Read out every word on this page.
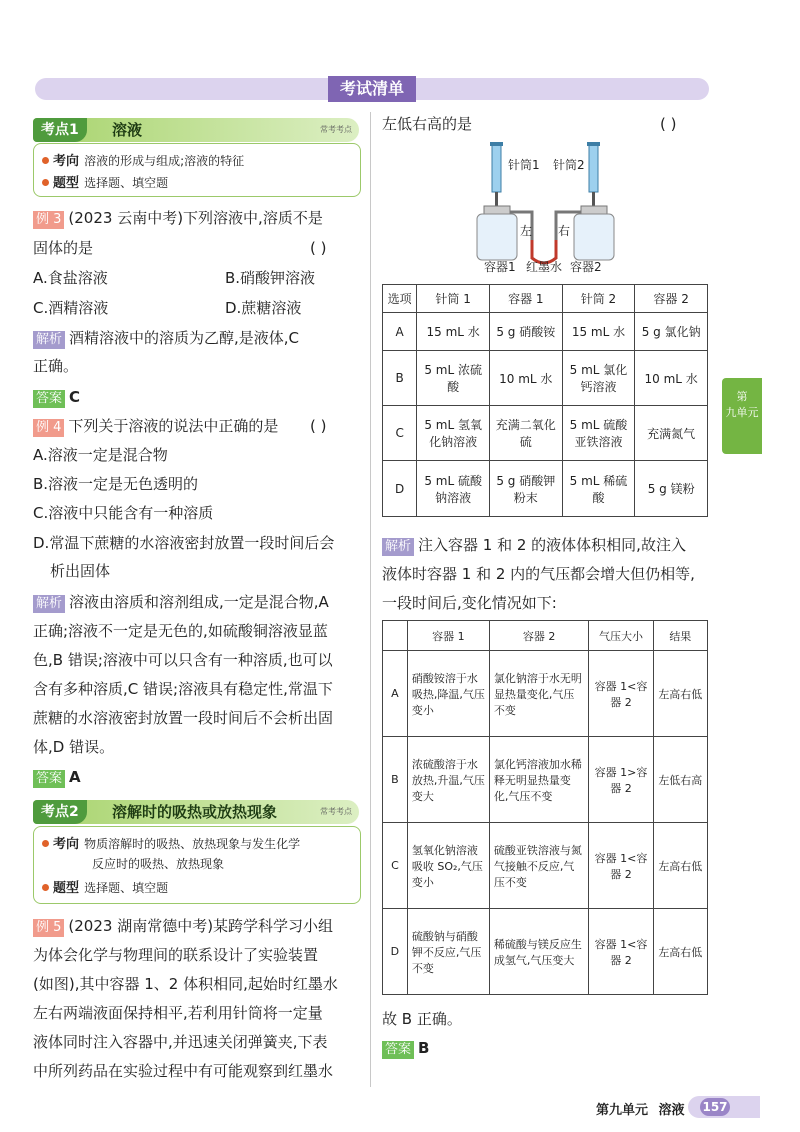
考试清单
考点1	溶液	常考考点
考向 溶液的形成与组成;溶液的特征
题型 选择题、填空题
例 3 (2023 云南中考)下列溶液中,溶质不是
固体的是	( )
A.食盐溶液	B.硝酸钾溶液
C.酒精溶液	D.蔗糖溶液
解析 酒精溶液中的溶质为乙醇,是液体,C
正确。
答案 C
例 4 下列关于溶液的说法中正确的是 ( )
A.溶液一定是混合物
B.溶液一定是无色透明的
C.溶液中只能含有一种溶质
D.常温下蔗糖的水溶液密封放置一段时间后会
析出固体
解析 溶液由溶质和溶剂组成,一定是混合物,A
正确;溶液不一定是无色的,如硫酸铜溶液显蓝
色,B 错误;溶液中可以只含有一种溶质,也可以
含有多种溶质,C 错误;溶液具有稳定性,常温下
蔗糖的水溶液密封放置一段时间后不会析出固
体,D 错误。
答案 A
考点2	溶解时的吸热或放热现象	常考考点
考向 物质溶解时的吸热、放热现象与发生化学
反应时的吸热、放热现象
题型 选择题、填空题
例 5 (2023 湖南常德中考)某跨学科学习小组
为体会化学与物理间的联系设计了实验装置
(如图),其中容器 1、2 体积相同,起始时红墨水
左右两端液面保持相平,若利用针筒将一定量
液体同时注入容器中,并迅速关闭弹簧夹,下表
中所列药品在实验过程中有可能观察到红墨水
左低右高的是	( )
针筒1 针筒2
左 右
容器1 红墨水 容器2
选项	针筒 1	容器 1	针筒 2	容器 2
A	15 mL 水	5 g 硝酸铵	15 mL 水	5 g 氯化钠
B	5 mL 浓硫酸	10 mL 水	5 mL 氯化钙溶液	10 mL 水
C	5 mL 氢氧化钠溶液	充满二氧化硫	5 mL 硫酸亚铁溶液	充满氮气
D	5 mL 硫酸钠溶液	5 g 硝酸钾粉末	5 mL 稀硫酸	5 g 镁粉
解析 注入容器 1 和 2 的液体体积相同,故注入
液体时容器 1 和 2 内的气压都会增大但仍相等,
一段时间后,变化情况如下:
	容器 1	容器 2	气压大小	结果
A	硝酸铵溶于水吸热,降温,气压变小	氯化钠溶于水无明显热量变化,气压不变	容器 1<容器 2	左高右低
B	浓硫酸溶于水放热,升温,气压变大	氯化钙溶液加水稀释无明显热量变化,气压不变	容器 1>容器 2	左低右高
C	氢氧化钠溶液吸收 SO₂,气压变小	硫酸亚铁溶液与氮气接触不反应,气压不变	容器 1<容器 2	左高右低
D	硫酸钠与硝酸钾不反应,气压不变	稀硫酸与镁反应生成氢气,气压变大	容器 1<容器 2	左高右低
故 B 正确。
答案 B
第
九单元
第九单元 溶液 157
